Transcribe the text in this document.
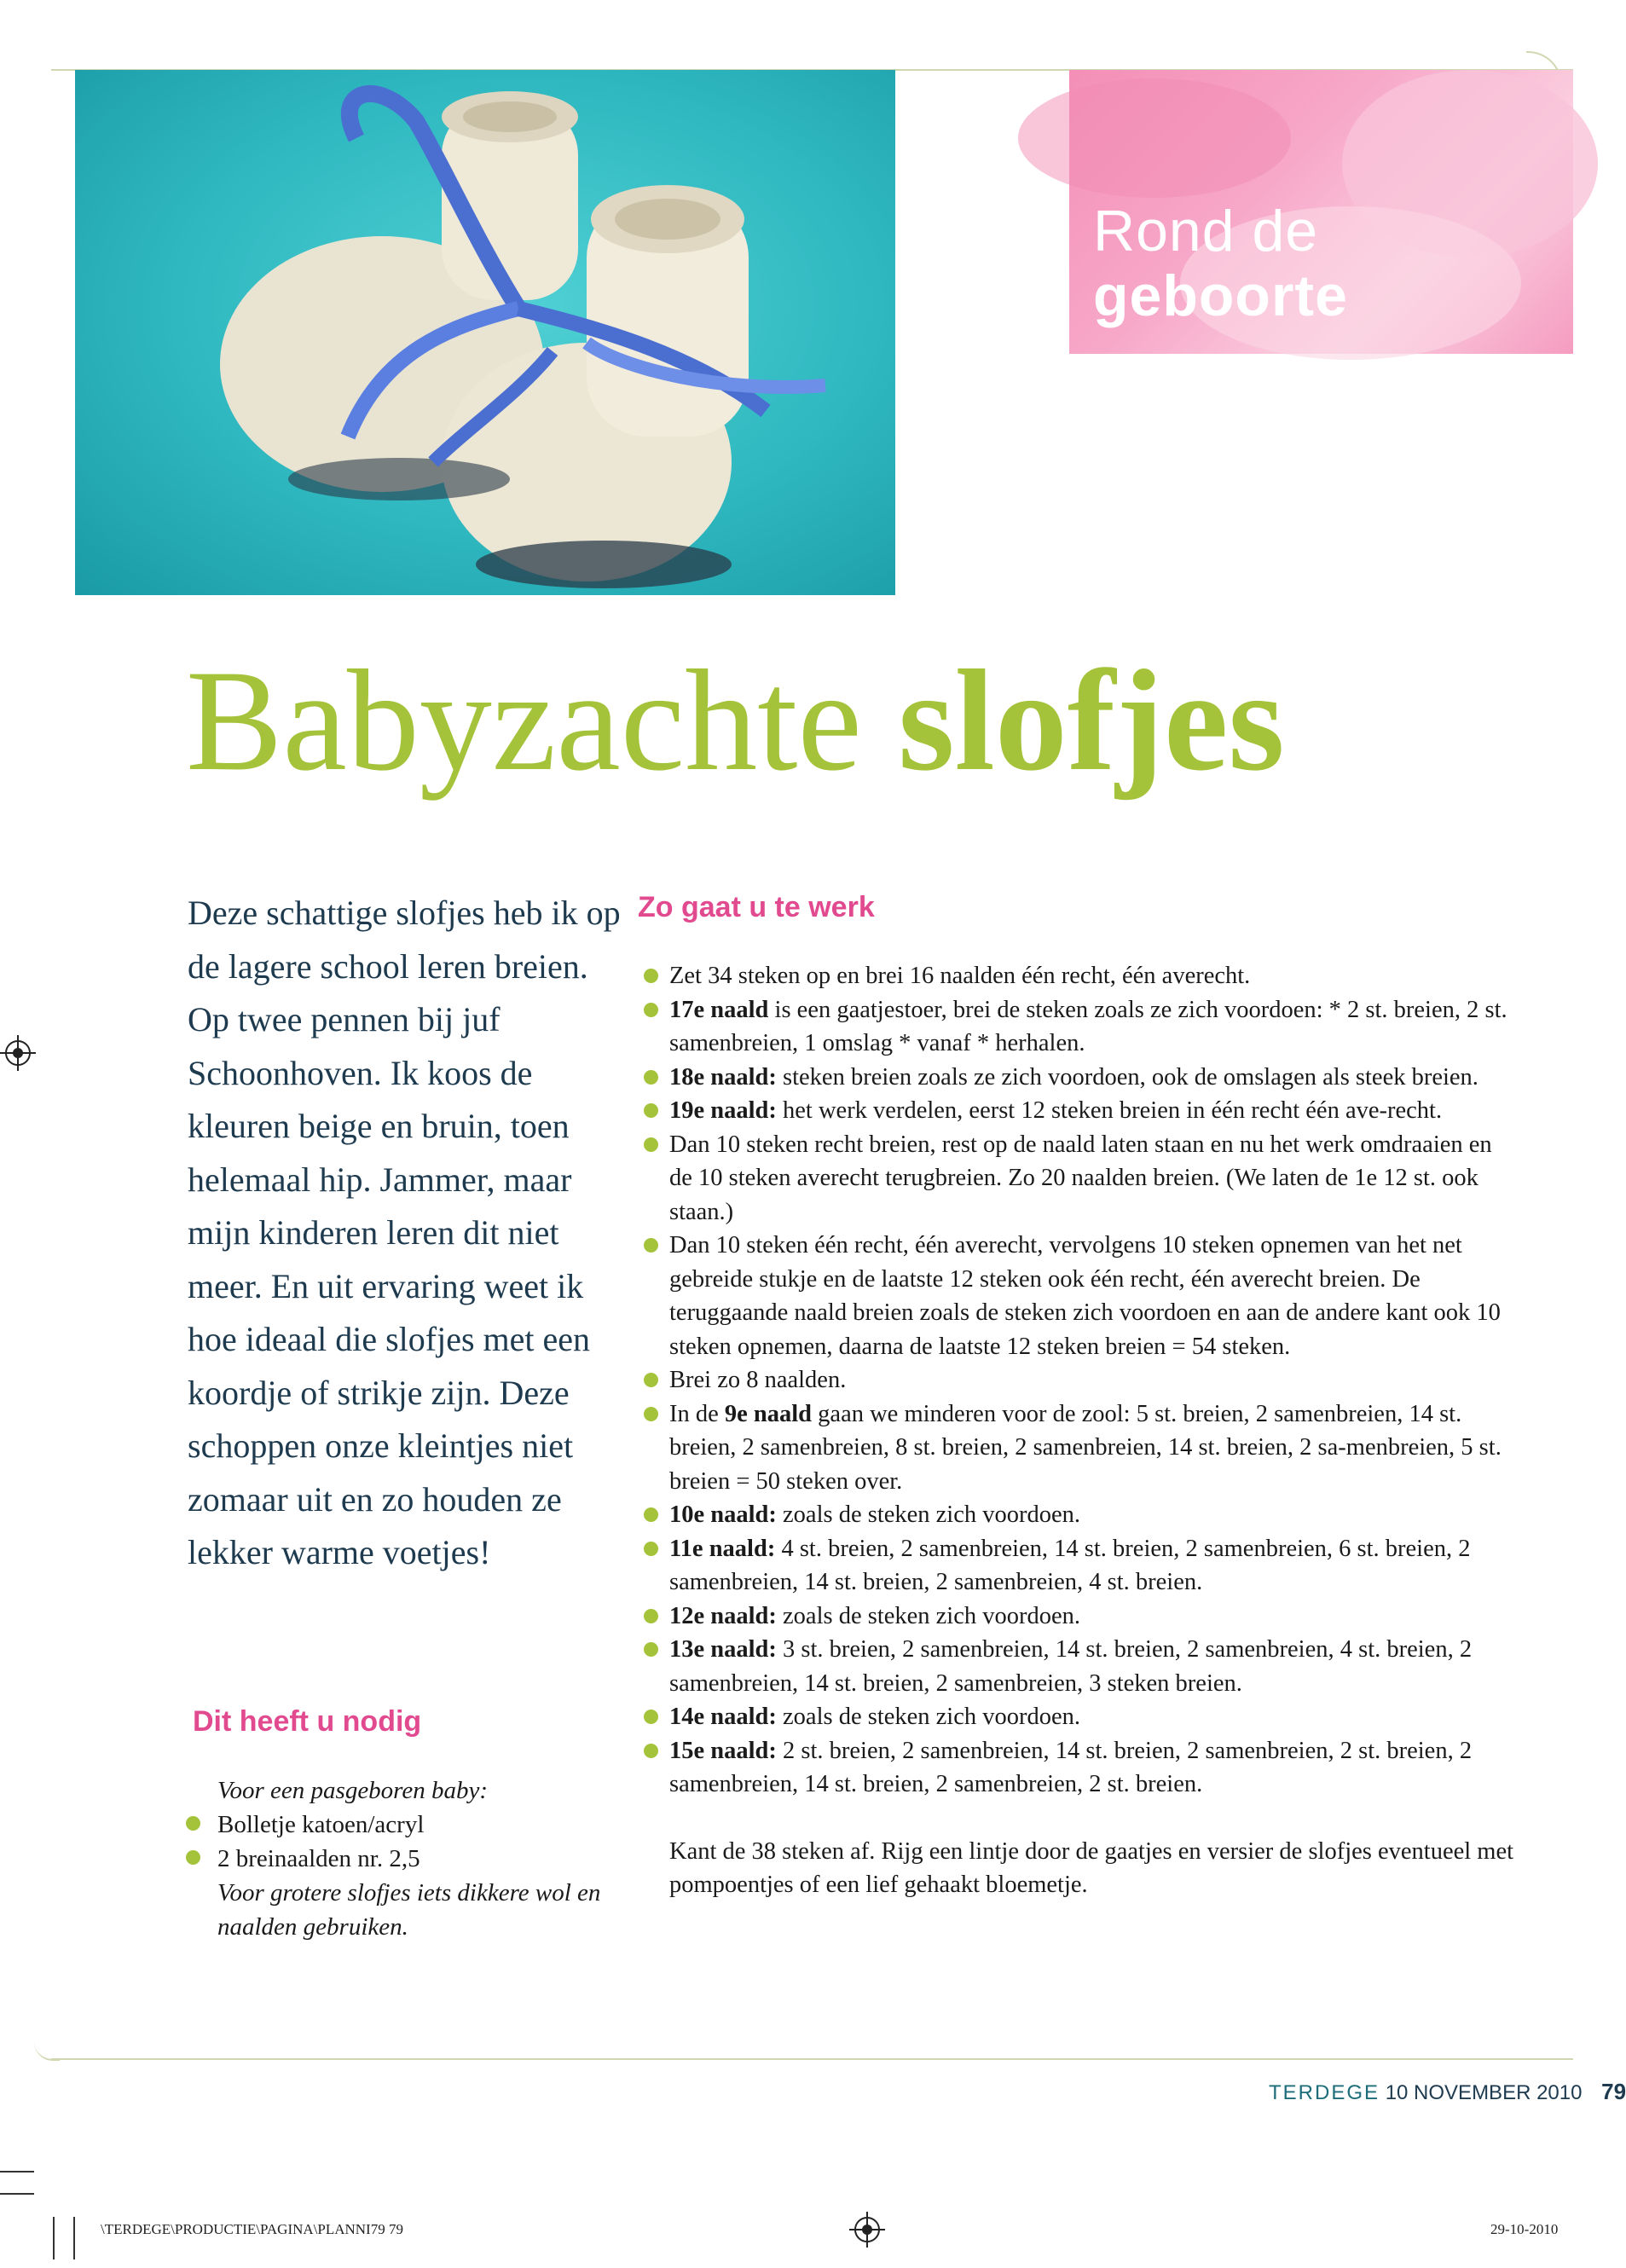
Rond de
geboorte
Babyzachte slofjes
Deze schattige slofjes heb ik op de lagere school leren breien. Op twee pennen bij juf Schoonhoven. Ik koos de kleuren beige en bruin, toen helemaal hip. Jammer, maar mijn kinderen leren dit niet meer. En uit ervaring weet ik hoe ideaal die slofjes met een koordje of strikje zijn. Deze schoppen onze kleintjes niet zomaar uit en zo houden ze lekker warme voetjes!
Dit heeft u nodig
Voor een pasgeboren baby:
Bolletje katoen/acryl
2 breinaalden nr. 2,5
Voor grotere slofjes iets dikkere wol en naalden gebruiken.
Zo gaat u te werk
Zet 34 steken op en brei 16 naalden één recht, één averecht.
17e naald is een gaatjestoer, brei de steken zoals ze zich voordoen: * 2 st. breien, 2 st. samenbreien, 1 omslag * vanaf * herhalen.
18e naald: steken breien zoals ze zich voordoen, ook de omslagen als steek breien.
19e naald: het werk verdelen, eerst 12 steken breien in één recht één ave-recht.
Dan 10 steken recht breien, rest op de naald laten staan en nu het werk omdraaien en de 10 steken averecht terugbreien. Zo 20 naalden breien. (We laten de 1e 12 st. ook staan.)
Dan 10 steken één recht, één averecht, vervolgens 10 steken opnemen van het net gebreide stukje en de laatste 12 steken ook één recht, één averecht breien. De teruggaande naald breien zoals de steken zich voordoen en aan de andere kant ook 10 steken opnemen, daarna de laatste 12 steken breien = 54 steken.
Brei zo 8 naalden.
In de 9e naald gaan we minderen voor de zool: 5 st. breien, 2 samenbreien, 14 st. breien, 2 samenbreien, 8 st. breien, 2 samenbreien, 14 st. breien, 2 sa-menbreien, 5 st. breien = 50 steken over.
10e naald: zoals de steken zich voordoen.
11e naald: 4 st. breien, 2 samenbreien, 14 st. breien, 2 samenbreien, 6 st. breien, 2 samenbreien, 14 st. breien, 2 samenbreien, 4 st. breien.
12e naald: zoals de steken zich voordoen.
13e naald: 3 st. breien, 2 samenbreien, 14 st. breien, 2 samenbreien, 4 st. breien, 2 samenbreien, 14 st. breien, 2 samenbreien, 3 steken breien.
14e naald: zoals de steken zich voordoen.
15e naald: 2 st. breien, 2 samenbreien, 14 st. breien, 2 samenbreien, 2 st. breien, 2 samenbreien, 14 st. breien, 2 samenbreien, 2 st. breien.
Kant de 38 steken af. Rijg een lintje door de gaatjes en versier de slofjes eventueel met pompoentjes of een lief gehaakt bloemetje.
TERDEGE 10 NOVEMBER 2010 79
\TERDEGE\PRODUCTIE\PAGINA\PLANNI79 79	29-10-2010
